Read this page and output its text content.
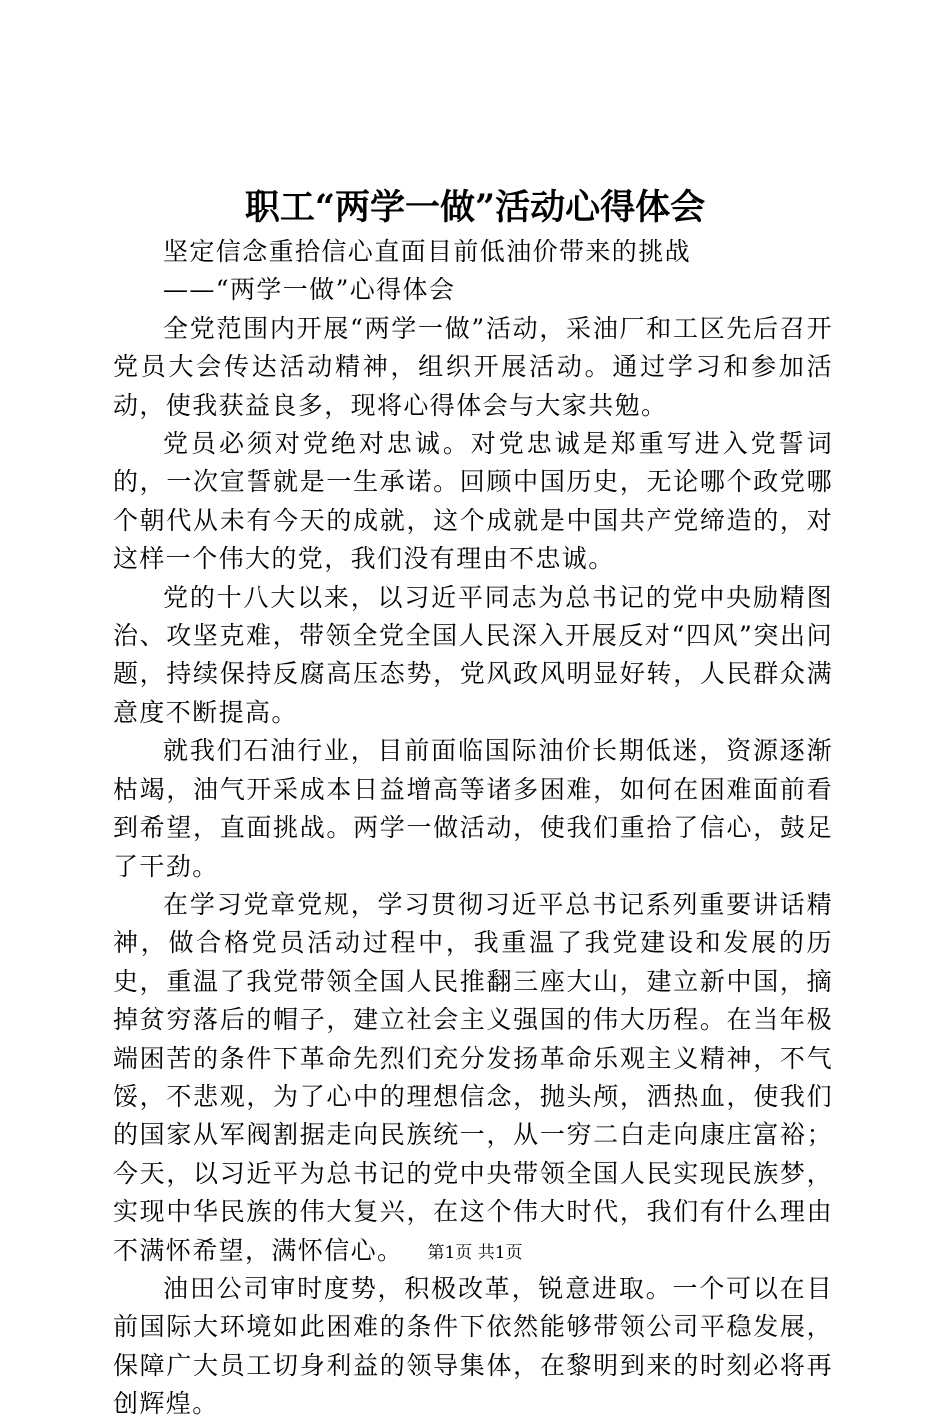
职工“两学一做”活动心得体会

坚定信念重拾信心直面目前低油价带来的挑战

——“两学一做”心得体会

全党范围内开展“两学一做”活动，采油厂和工区先后召开党员大会传达活动精神，组织开展活动。通过学习和参加活动，使我获益良多，现将心得体会与大家共勉。

党员必须对党绝对忠诚。对党忠诚是郑重写进入党誓词的，一次宣誓就是一生承诺。回顾中国历史，无论哪个政党哪个朝代从未有今天的成就，这个成就是中国共产党缔造的，对这样一个伟大的党，我们没有理由不忠诚。

党的十八大以来，以习近平同志为总书记的党中央励精图治、攻坚克难，带领全党全国人民深入开展反对“四风”突出问题，持续保持反腐高压态势，党风政风明显好转，人民群众满意度不断提高。

就我们石油行业，目前面临国际油价长期低迷，资源逐渐枯竭，油气开采成本日益增高等诸多困难，如何在困难面前看到希望，直面挑战。两学一做活动，使我们重拾了信心，鼓足了干劲。

在学习党章党规，学习贯彻习近平总书记系列重要讲话精神，做合格党员活动过程中，我重温了我党建设和发展的历史，重温了我党带领全国人民推翻三座大山，建立新中国，摘掉贫穷落后的帽子，建立社会主义强国的伟大历程。在当年极端困苦的条件下革命先烈们充分发扬革命乐观主义精神，不气馁，不悲观，为了心中的理想信念，抛头颅，洒热血，使我们的国家从军阀割据走向民族统一，从一穷二白走向康庄富裕；今天，以习近平为总书记的党中央带领全国人民实现民族梦，实现中华民族的伟大复兴，在这个伟大时代，我们有什么理由不满怀希望，满怀信心。

油田公司审时度势，积极改革，锐意进取。一个可以在目前国际大环境如此困难的条件下依然能够带领公司平稳发展，保障广大员工切身利益的领导集体，在黎明到来的时刻必将再创辉煌。

第1页 共1页
